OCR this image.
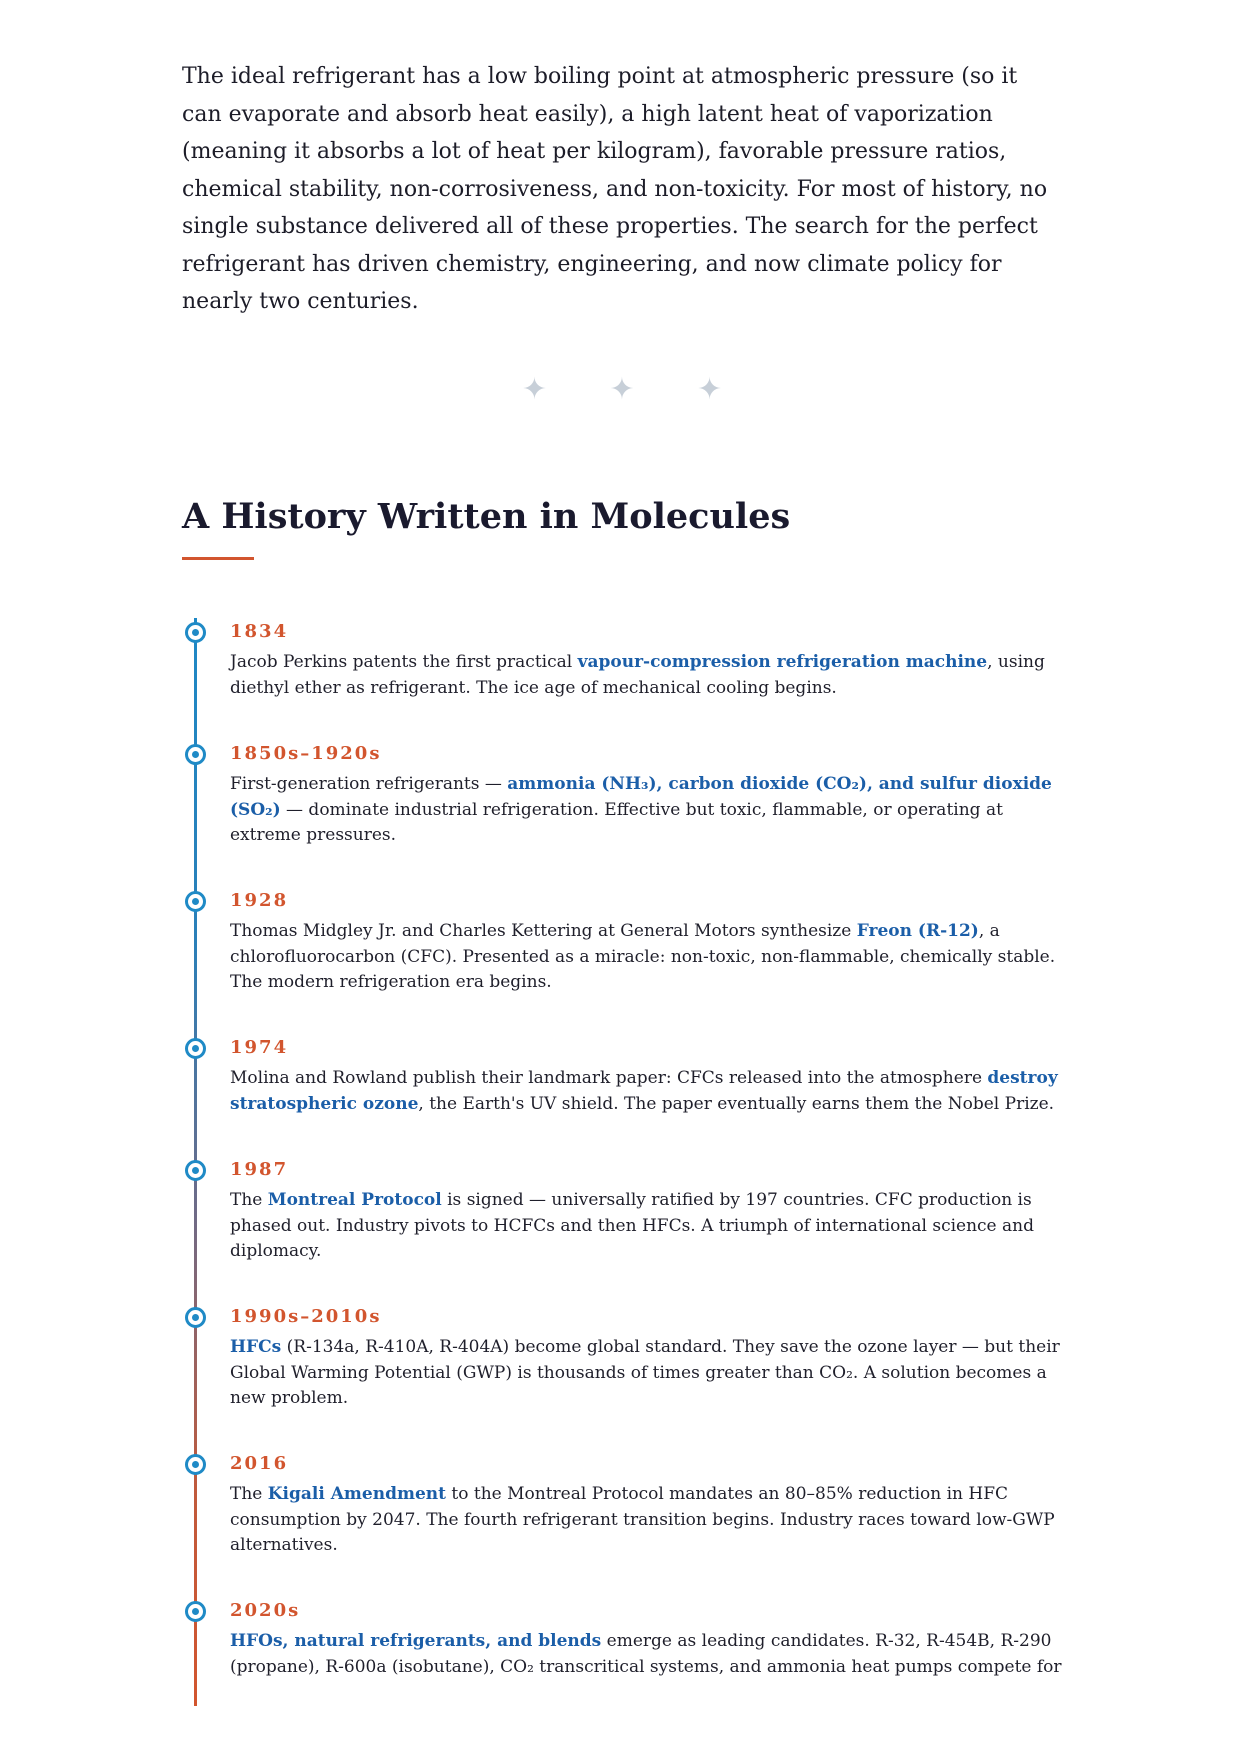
The ideal refrigerant has a low boiling point at atmospheric pressure (so it can evaporate and absorb heat easily), a high latent heat of vaporization (meaning it absorbs a lot of heat per kilogram), favorable pressure ratios, chemical stability, non-corrosiveness, and non-toxicity. For most of history, no single substance delivered all of these properties. The search for the perfect refrigerant has driven chemistry, engineering, and now climate policy for nearly two centuries.

✦ ✦ ✦
A History Written in Molecules
1834

Jacob Perkins patents the first practical vapour-compression refrigeration machine, using diethyl ether as refrigerant. The ice age of mechanical cooling begins.

1850s–1920s

First-generation refrigerants — ammonia (NH₃), carbon dioxide (CO₂), and sulfur dioxide (SO₂) — dominate industrial refrigeration. Effective but toxic, flammable, or operating at extreme pressures.

1928

Thomas Midgley Jr. and Charles Kettering at General Motors synthesize Freon (R-12), a chlorofluorocarbon (CFC). Presented as a miracle: non-toxic, non-flammable, chemically stable. The modern refrigeration era begins.

1974

Molina and Rowland publish their landmark paper: CFCs released into the atmosphere destroy stratospheric ozone, the Earth's UV shield. The paper eventually earns them the Nobel Prize.

1987

The Montreal Protocol is signed — universally ratified by 197 countries. CFC production is phased out. Industry pivots to HCFCs and then HFCs. A triumph of international science and diplomacy.

1990s–2010s

HFCs (R-134a, R-410A, R-404A) become global standard. They save the ozone layer — but their Global Warming Potential (GWP) is thousands of times greater than CO₂. A solution becomes a new problem.

2016

The Kigali Amendment to the Montreal Protocol mandates an 80–85% reduction in HFC consumption by 2047. The fourth refrigerant transition begins. Industry races toward low-GWP alternatives.

2020s

HFOs, natural refrigerants, and blends emerge as leading candidates. R-32, R-454B, R-290 (propane), R-600a (isobutane), CO₂ transcritical systems, and ammonia heat pumps compete for
